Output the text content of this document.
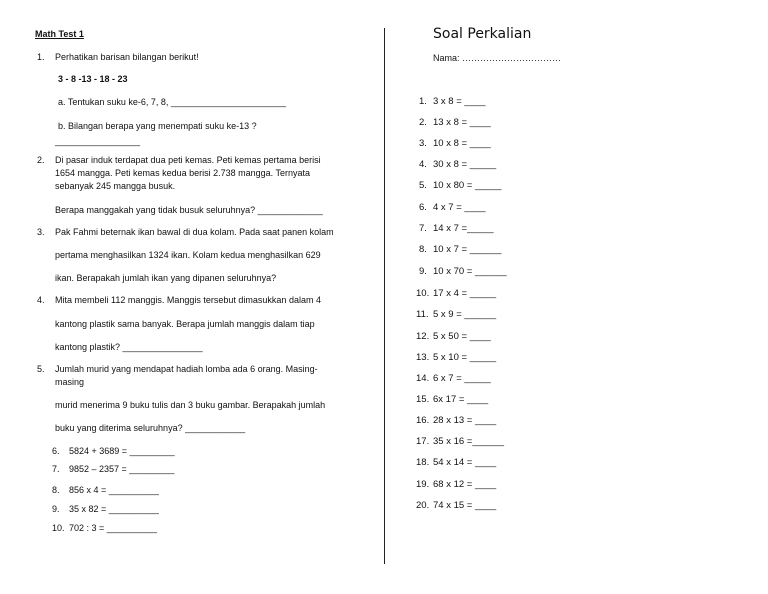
Math Test 1
1. Perhatikan barisan bilangan berikut!
3 - 8 -13 - 18 - 23
a. Tentukan suku ke-6, 7, 8, _______________________
b. Bilangan berapa yang menempati suku ke-13 ?
_________________
2. Di pasar induk terdapat dua peti kemas. Peti kemas pertama berisi
1654 mangga. Peti kemas kedua berisi 2.738 mangga. Ternyata
sebanyak 245 mangga busuk.
Berapa manggakah yang tidak busuk seluruhnya? _____________
3. Pak Fahmi beternak ikan bawal di dua kolam. Pada saat panen kolam
pertama menghasilkan 1324 ikan. Kolam kedua menghasilkan 629
ikan. Berapakah jumlah ikan yang dipanen seluruhnya?
4. Mita membeli 112 manggis. Manggis tersebut dimasukkan dalam 4
kantong plastik sama banyak. Berapa jumlah manggis dalam tiap
kantong plastik? ________________
5. Jumlah murid yang mendapat hadiah lomba ada 6 orang. Masing-
masing
murid menerima 9 buku tulis dan 3 buku gambar. Berapakah jumlah
buku yang diterima seluruhnya? ____________
6. 5824 + 3689 = _________
7. 9852 – 2357 = _________
8. 856 x 4 = __________
9. 35 x 82 = __________
10. 702 : 3 = __________
Soal Perkalian
Nama: ……………………………
1. 3 x 8 = ____
2. 13 x 8 = ____
3. 10 x 8 = ____
4. 30 x 8 = _____
5. 10 x 80 = _____
6. 4 x 7 = ____
7. 14 x 7 =_____
8. 10 x 7 = ______
9. 10 x 70 = ______
10. 17 x 4 = _____
11. 5 x 9 = ______
12. 5 x 50 = ____
13. 5 x 10 = _____
14. 6 x 7 = _____
15. 6x 17 = ____
16. 28 x 13 = ____
17. 35 x 16 =______
18. 54 x 14 = ____
19. 68 x 12 = ____
20. 74 x 15 = ____
